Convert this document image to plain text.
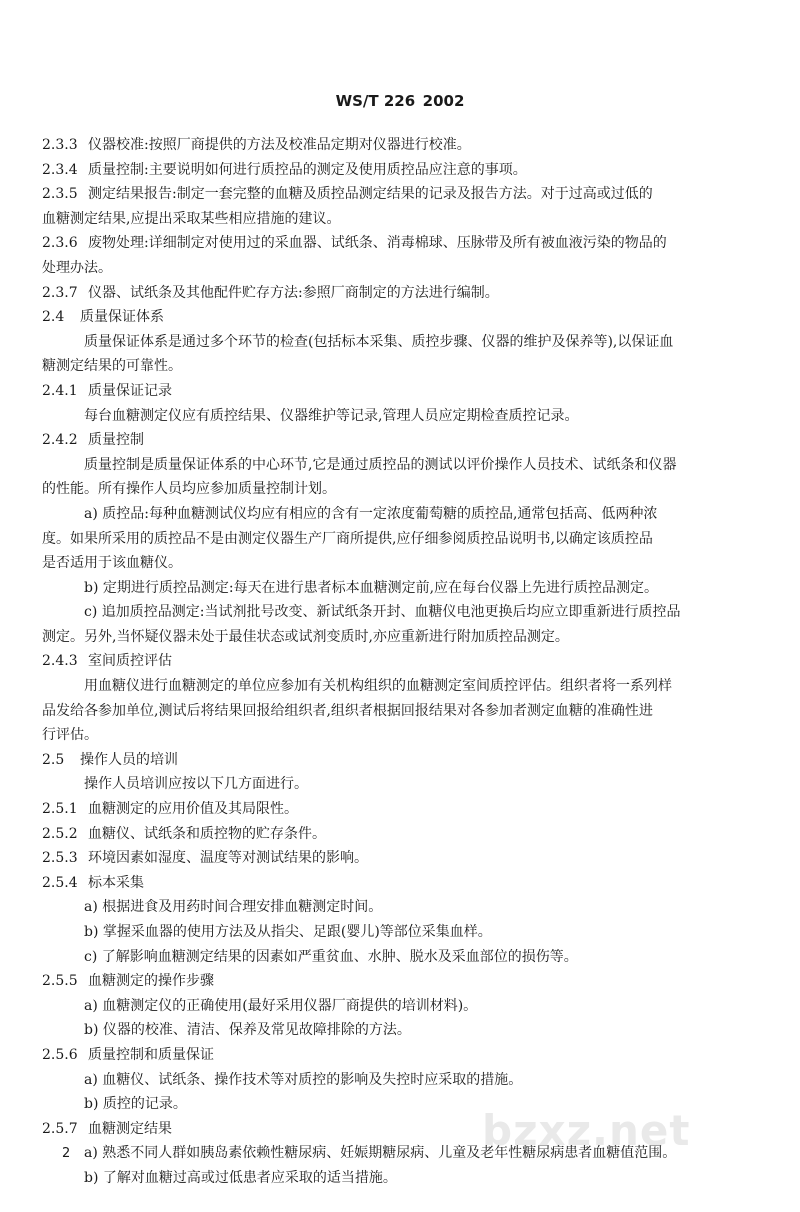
WS/T 226 2002
2.3.3 仪器校准:按照厂商提供的方法及校准品定期对仪器进行校准。
2.3.4 质量控制:主要说明如何进行质控品的测定及使用质控品应注意的事项。
2.3.5 测定结果报告:制定一套完整的血糖及质控品测定结果的记录及报告方法。对于过高或过低的
血糖测定结果,应提出采取某些相应措施的建议。
2.3.6 废物处理:详细制定对使用过的采血器、试纸条、消毒棉球、压脉带及所有被血液污染的物品的
处理办法。
2.3.7 仪器、试纸条及其他配件贮存方法:参照厂商制定的方法进行编制。
2.4 质量保证体系
质量保证体系是通过多个环节的检查(包括标本采集、质控步骤、仪器的维护及保养等),以保证血
糖测定结果的可靠性。
2.4.1 质量保证记录
每台血糖测定仪应有质控结果、仪器维护等记录,管理人员应定期检查质控记录。
2.4.2 质量控制
质量控制是质量保证体系的中心环节,它是通过质控品的测试以评价操作人员技术、试纸条和仪器
的性能。所有操作人员均应参加质量控制计划。
a) 质控品:每种血糖测试仪均应有相应的含有一定浓度葡萄糖的质控品,通常包括高、低两种浓
度。如果所采用的质控品不是由测定仪器生产厂商所提供,应仔细参阅质控品说明书,以确定该质控品
是否适用于该血糖仪。
b) 定期进行质控品测定:每天在进行患者标本血糖测定前,应在每台仪器上先进行质控品测定。
c) 追加质控品测定:当试剂批号改变、新试纸条开封、血糖仪电池更换后均应立即重新进行质控品
测定。另外,当怀疑仪器未处于最佳状态或试剂变质时,亦应重新进行附加质控品测定。
2.4.3 室间质控评估
用血糖仪进行血糖测定的单位应参加有关机构组织的血糖测定室间质控评估。组织者将一系列样
品发给各参加单位,测试后将结果回报给组织者,组织者根据回报结果对各参加者测定血糖的准确性进
行评估。
2.5 操作人员的培训
操作人员培训应按以下几方面进行。
2.5.1 血糖测定的应用价值及其局限性。
2.5.2 血糖仪、试纸条和质控物的贮存条件。
2.5.3 环境因素如湿度、温度等对测试结果的影响。
2.5.4 标本采集
a) 根据进食及用药时间合理安排血糖测定时间。
b) 掌握采血器的使用方法及从指尖、足跟(婴儿)等部位采集血样。
c) 了解影响血糖测定结果的因素如严重贫血、水肿、脱水及采血部位的损伤等。
2.5.5 血糖测定的操作步骤
a) 血糖测定仪的正确使用(最好采用仪器厂商提供的培训材料)。
b) 仪器的校准、清洁、保养及常见故障排除的方法。
2.5.6 质量控制和质量保证
a) 血糖仪、试纸条、操作技术等对质控的影响及失控时应采取的措施。
b) 质控的记录。
2.5.7 血糖测定结果
a) 熟悉不同人群如胰岛素依赖性糖尿病、妊娠期糖尿病、儿童及老年性糖尿病患者血糖值范围。
b) 了解对血糖过高或过低患者应采取的适当措施。
2	bzxz.net
